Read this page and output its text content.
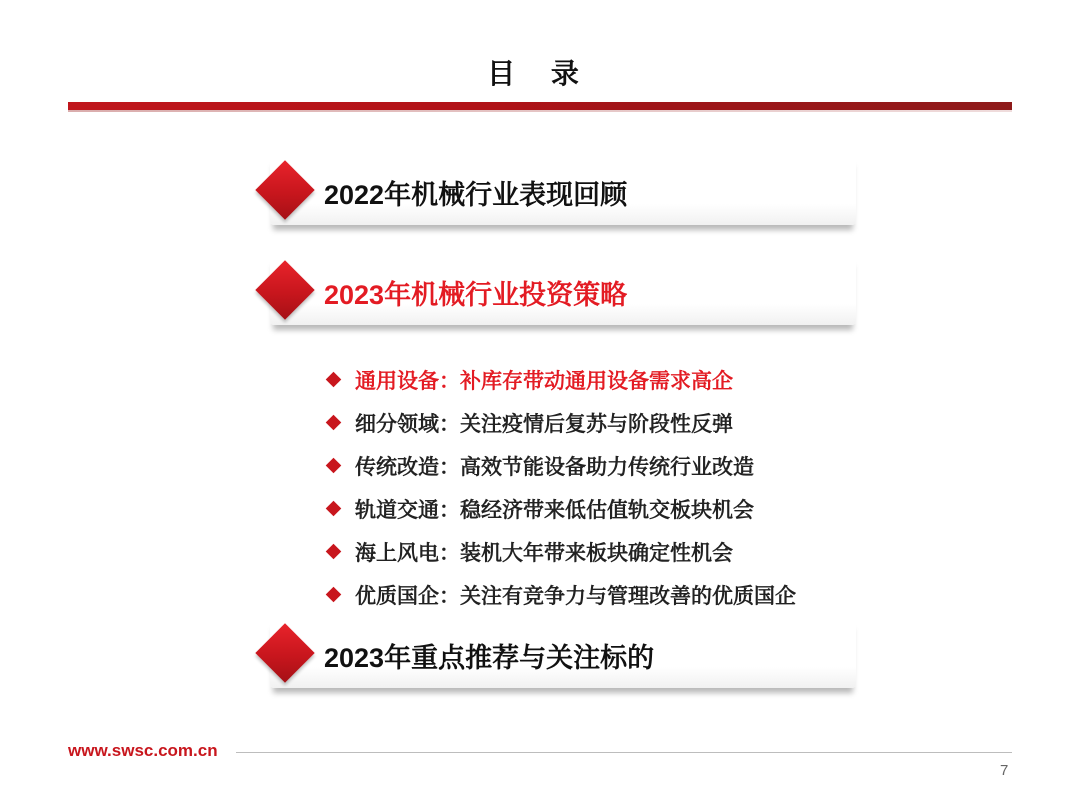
目 录
2022年机械行业表现回顾
2023年机械行业投资策略
通用设备：补库存带动通用设备需求高企
细分领域：关注疫情后复苏与阶段性反弹
传统改造：高效节能设备助力传统行业改造
轨道交通：稳经济带来低估值轨交板块机会
海上风电：装机大年带来板块确定性机会
优质国企：关注有竞争力与管理改善的优质国企
2023年重点推荐与关注标的
www.swsc.com.cn
7
